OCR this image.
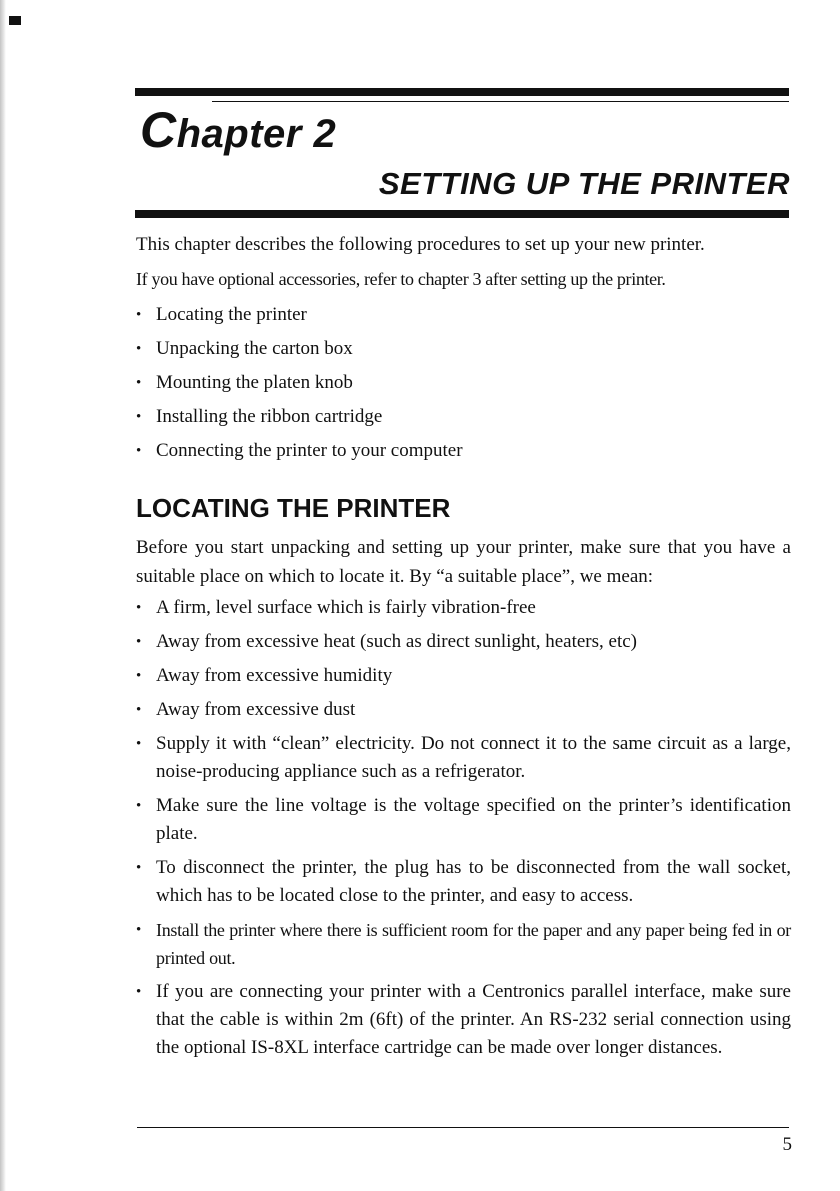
Chapter 2
SETTING UP THE PRINTER
This chapter describes the following procedures to set up your new printer.
If you have optional accessories, refer to chapter 3 after setting up the printer.
• Locating the printer
• Unpacking the carton box
• Mounting the platen knob
• Installing the ribbon cartridge
• Connecting the printer to your computer
LOCATING THE PRINTER
Before you start unpacking and setting up your printer, make sure that you have a suitable place on which to locate it. By “a suitable place”, we mean:
• A firm, level surface which is fairly vibration-free
• Away from excessive heat (such as direct sunlight, heaters, etc)
• Away from excessive humidity
• Away from excessive dust
• Supply it with “clean” electricity. Do not connect it to the same circuit as a large, noise-producing appliance such as a refrigerator.
• Make sure the line voltage is the voltage specified on the printer’s identification plate.
• To disconnect the printer, the plug has to be disconnected from the wall socket, which has to be located close to the printer, and easy to access.
• Install the printer where there is sufficient room for the paper and any paper being fed in or printed out.
• If you are connecting your printer with a Centronics parallel interface, make sure that the cable is within 2m (6ft) of the printer. An RS-232 serial connection using the optional IS-8XL interface cartridge can be made over longer distances.
5
